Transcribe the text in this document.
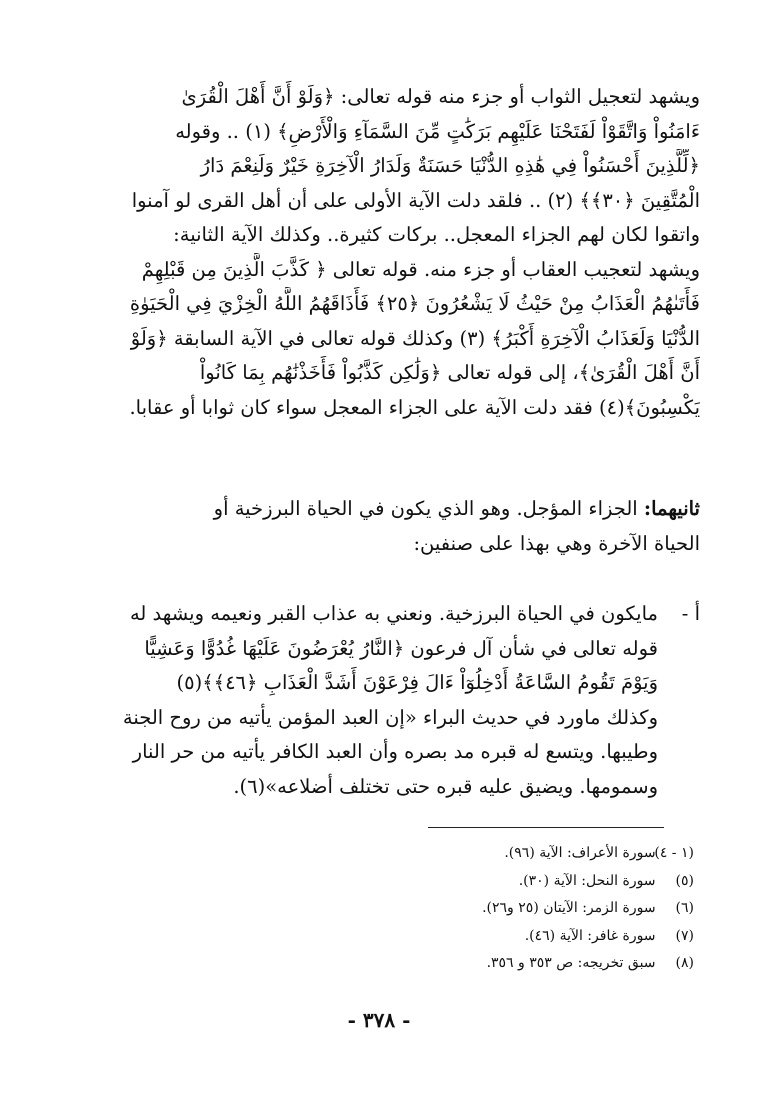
ويشهد لتعجيل الثواب أو جزء منه قوله تعالى: ﴿وَلَوْ أَنَّ أَهْلَ الْقُرَىٰ
ءَامَنُواْ وَاتَّقَوْاْ لَفَتَحْنَا عَلَيْهِم بَرَكَٰتٍ مِّنَ السَّمَآءِ وَالْأَرْضِ﴾ (١) .. وقوله
﴿لِّلَّذِينَ أَحْسَنُواْ فِي هَٰذِهِ الدُّنْيَا حَسَنَةٌ وَلَدَارُ الْآخِرَةِ خَيْرٌ وَلَنِعْمَ دَارُ
الْمُتَّقِينَ ﴿٣٠﴾﴾ (٢) .. فلقد دلت الآية الأولى على أن أهل القرى لو آمنوا
واتقوا لكان لهم الجزاء المعجل.. بركات كثيرة.. وكذلك الآية الثانية:
ويشهد لتعجيب العقاب أو جزء منه. قوله تعالى ﴿ كَذَّبَ الَّذِينَ مِن قَبْلِهِمْ
فَأَتَىٰهُمُ الْعَذَابُ مِنْ حَيْثُ لَا يَشْعُرُونَ ﴿٢٥﴾ فَأَذَاقَهُمُ اللَّهُ الْخِزْيَ فِي الْحَيَوٰةِ
الدُّنْيَا وَلَعَذَابُ الْآخِرَةِ أَكْبَرُ﴾ (٣) وكذلك قوله تعالى في الآية السابقة ﴿وَلَوْ
أَنَّ أَهْلَ الْقُرَىٰ﴾، إلى قوله تعالى ﴿وَلَٰكِن كَذَّبُواْ فَأَخَذْنَٰهُم بِمَا كَانُواْ
يَكْسِبُونَ﴾(٤) فقد دلت الآية على الجزاء المعجل سواء كان ثوابا أو عقابا.
ثانيهما: الجزاء المؤجل. وهو الذي يكون في الحياة البرزخية أو
الحياة الآخرة وهي بهذا على صنفين:
أ -
مايكون في الحياة البرزخية. ونعني به عذاب القبر ونعيمه ويشهد له
قوله تعالى في شأن آل فرعون ﴿النَّارُ يُعْرَضُونَ عَلَيْهَا غُدُوًّا وَعَشِيًّا
وَيَوْمَ تَقُومُ السَّاعَةُ أَدْخِلُوٓاْ ءَالَ فِرْعَوْنَ أَشَدَّ الْعَذَابِ ﴿٤٦﴾﴾(٥)
وكذلك ماورد في حديث البراء «إن العبد المؤمن يأتيه من روح الجنة
وطيبها. ويتسع له قبره مد بصره وأن العبد الكافر يأتيه من حر النار
وسمومها. ويضيق عليه قبره حتى تختلف أضلاعه»(٦).
(١ - ٤)

سورة الأعراف: الآية (٩٦).
(٥)

سورة النحل: الآية (٣٠).
(٦)

سورة الزمر: الآيتان (٢٥ و٢٦).
(٧)

سورة غافر: الآية (٤٦).
(٨)

سبق تخريجه: ص ٣٥٣ و ٣٥٦.
- ٣٧٨ -
